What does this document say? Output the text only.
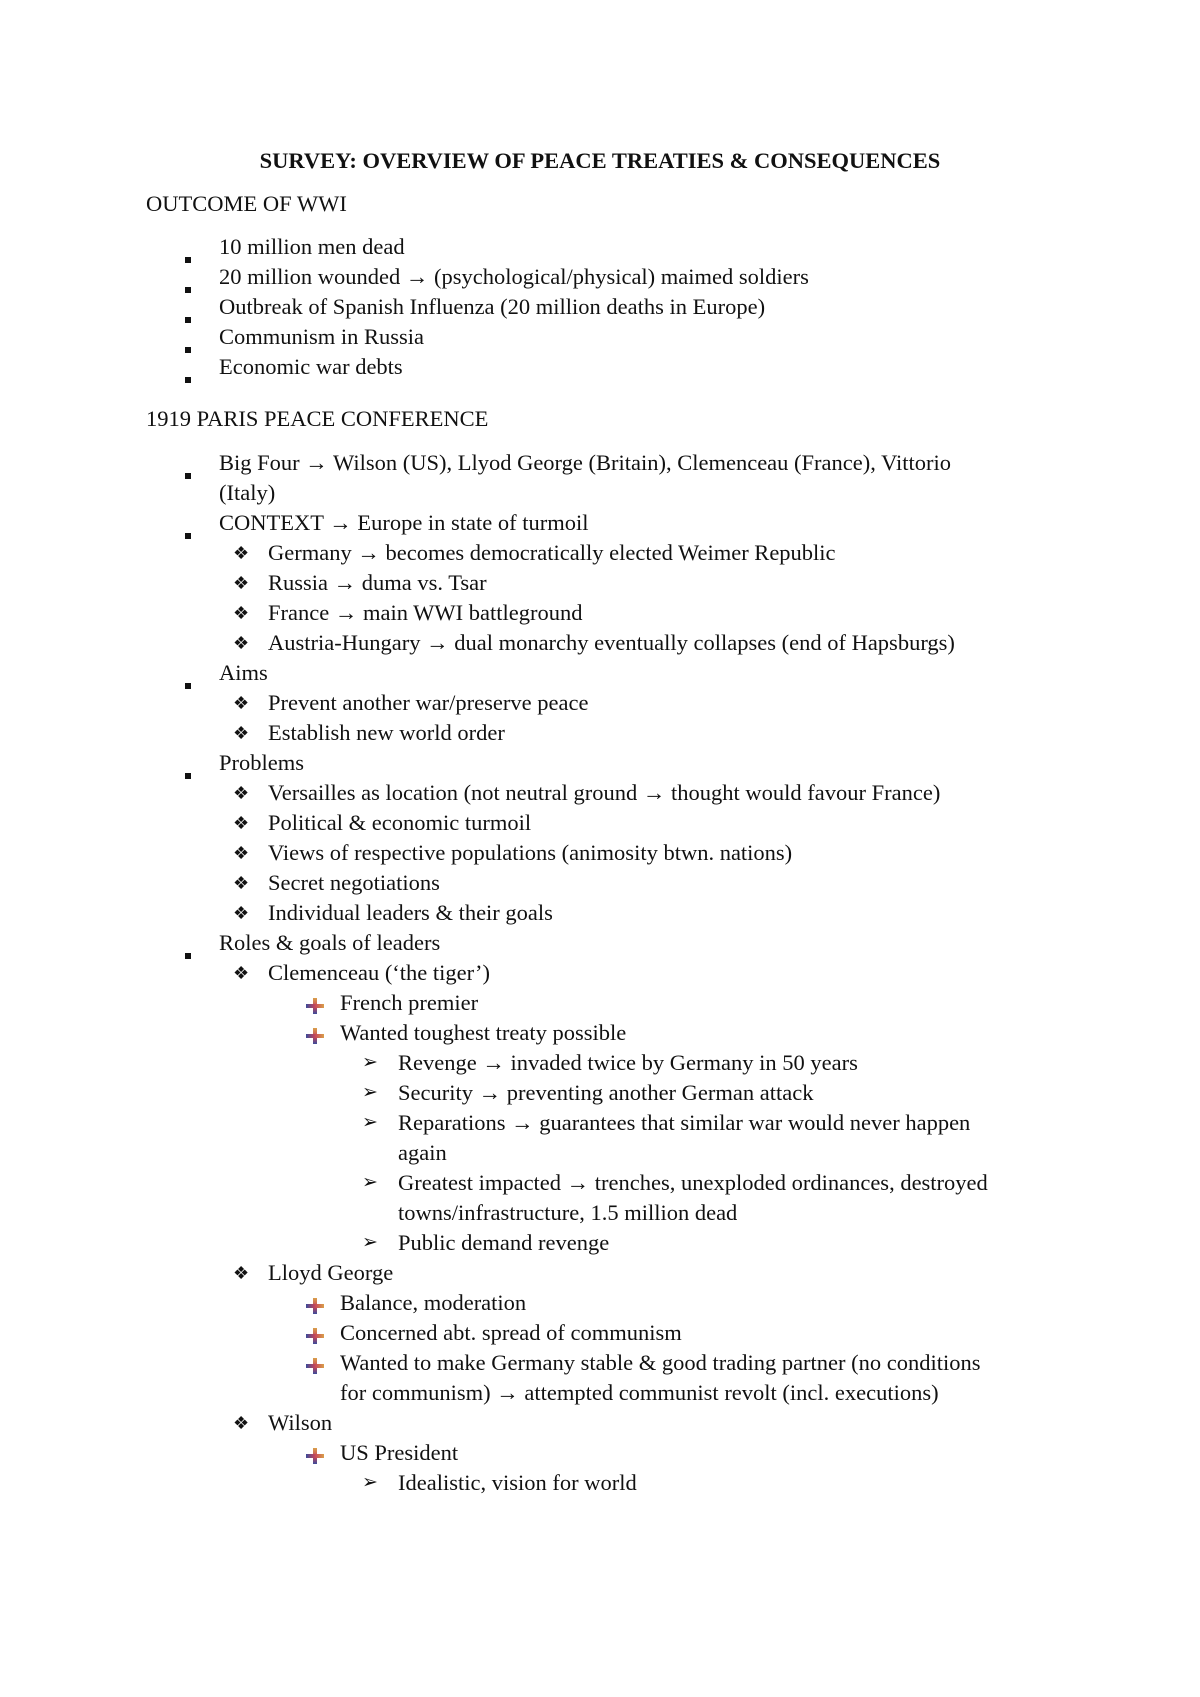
SURVEY: OVERVIEW OF PEACE TREATIES & CONSEQUENCES
OUTCOME OF WWI
10 million men dead
20 million wounded → (psychological/physical) maimed soldiers
Outbreak of Spanish Influenza (20 million deaths in Europe)
Communism in Russia
Economic war debts
1919 PARIS PEACE CONFERENCE
Big Four → Wilson (US), Llyod George (Britain), Clemenceau (France), Vittorio
(Italy)
CONTEXT → Europe in state of turmoil
❖ Germany → becomes democratically elected Weimer Republic
❖ Russia → duma vs. Tsar
❖ France → main WWI battleground
❖ Austria-Hungary → dual monarchy eventually collapses (end of Hapsburgs)
Aims
❖ Prevent another war/preserve peace
❖ Establish new world order
Problems
❖ Versailles as location (not neutral ground → thought would favour France)
❖ Political & economic turmoil
❖ Views of respective populations (animosity btwn. nations)
❖ Secret negotiations
❖ Individual leaders & their goals
Roles & goals of leaders
❖ Clemenceau (‘the tiger’)
French premier
Wanted toughest treaty possible
➢ Revenge → invaded twice by Germany in 50 years
➢ Security → preventing another German attack
➢ Reparations → guarantees that similar war would never happen
again
➢ Greatest impacted → trenches, unexploded ordinances, destroyed
towns/infrastructure, 1.5 million dead
➢ Public demand revenge
❖ Lloyd George
Balance, moderation
Concerned abt. spread of communism
Wanted to make Germany stable & good trading partner (no conditions
for communism) → attempted communist revolt (incl. executions)
❖ Wilson
US President
➢ Idealistic, vision for world
